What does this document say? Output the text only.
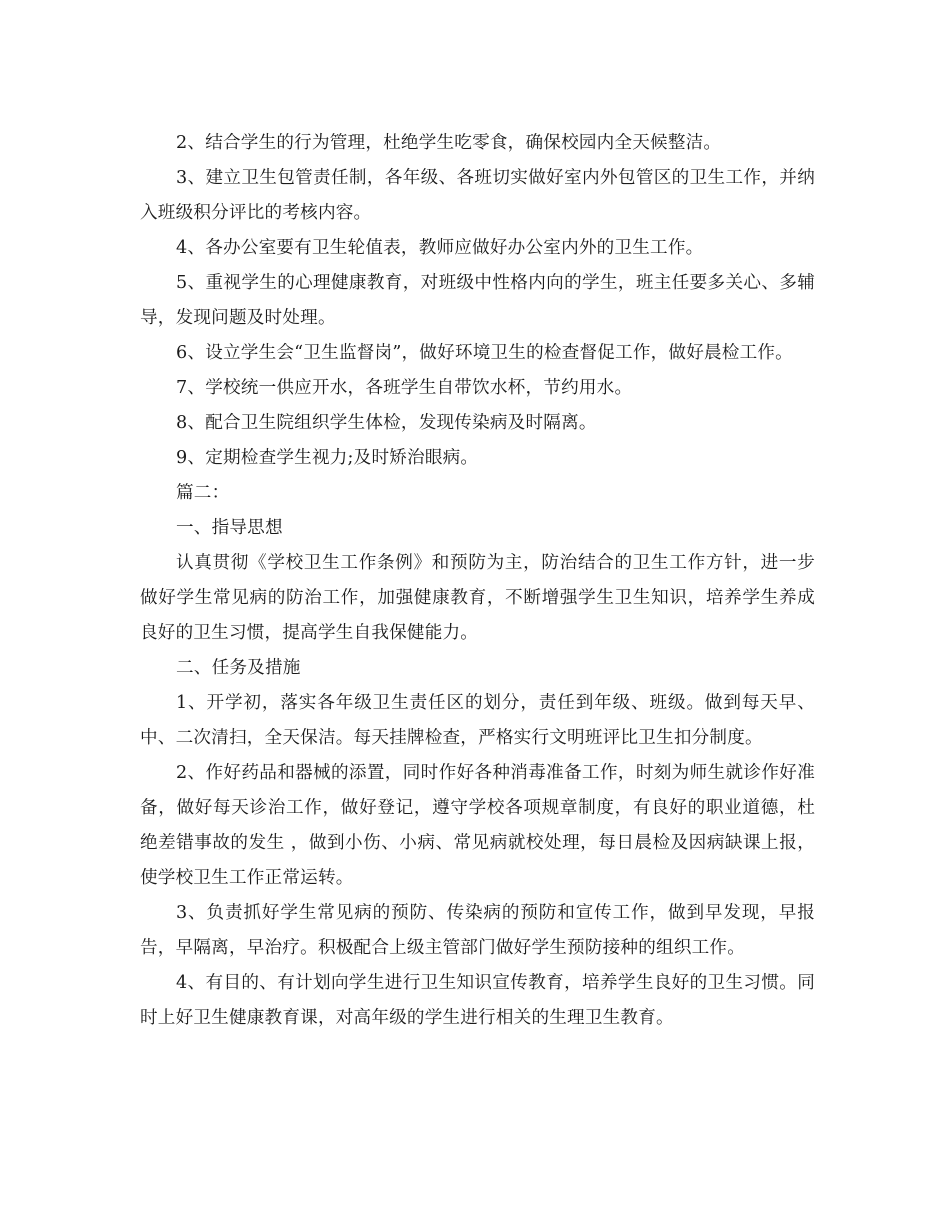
2、结合学生的行为管理，杜绝学生吃零食，确保校园内全天候整洁。

3、建立卫生包管责任制，各年级、各班切实做好室内外包管区的卫生工作，并纳入班级积分评比的考核内容。

4、各办公室要有卫生轮值表，教师应做好办公室内外的卫生工作。

5、重视学生的心理健康教育，对班级中性格内向的学生，班主任要多关心、多辅导，发现问题及时处理。

6、设立学生会“卫生监督岗”，做好环境卫生的检查督促工作，做好晨检工作。

7、学校统一供应开水，各班学生自带饮水杯，节约用水。

8、配合卫生院组织学生体检，发现传染病及时隔离。

9、定期检查学生视力;及时矫治眼病。

篇二：

一、指导思想

认真贯彻《学校卫生工作条例》和预防为主，防治结合的卫生工作方针，进一步做好学生常见病的防治工作，加强健康教育，不断增强学生卫生知识，培养学生养成良好的卫生习惯，提高学生自我保健能力。

二、任务及措施

1、开学初，落实各年级卫生责任区的划分，责任到年级、班级。做到每天早、中、二次清扫，全天保洁。每天挂牌检查，严格实行文明班评比卫生扣分制度。

2、作好药品和器械的添置，同时作好各种消毒准备工作，时刻为师生就诊作好准备，做好每天诊治工作，做好登记，遵守学校各项规章制度，有良好的职业道德，杜绝差错事故的发生 ，做到小伤、小病、常见病就校处理，每日晨检及因病缺课上报，使学校卫生工作正常运转。

3、负责抓好学生常见病的预防、传染病的预防和宣传工作，做到早发现，早报告，早隔离，早治疗。积极配合上级主管部门做好学生预防接种的组织工作。

4、有目的、有计划向学生进行卫生知识宣传教育，培养学生良好的卫生习惯。同时上好卫生健康教育课，对高年级的学生进行相关的生理卫生教育。
